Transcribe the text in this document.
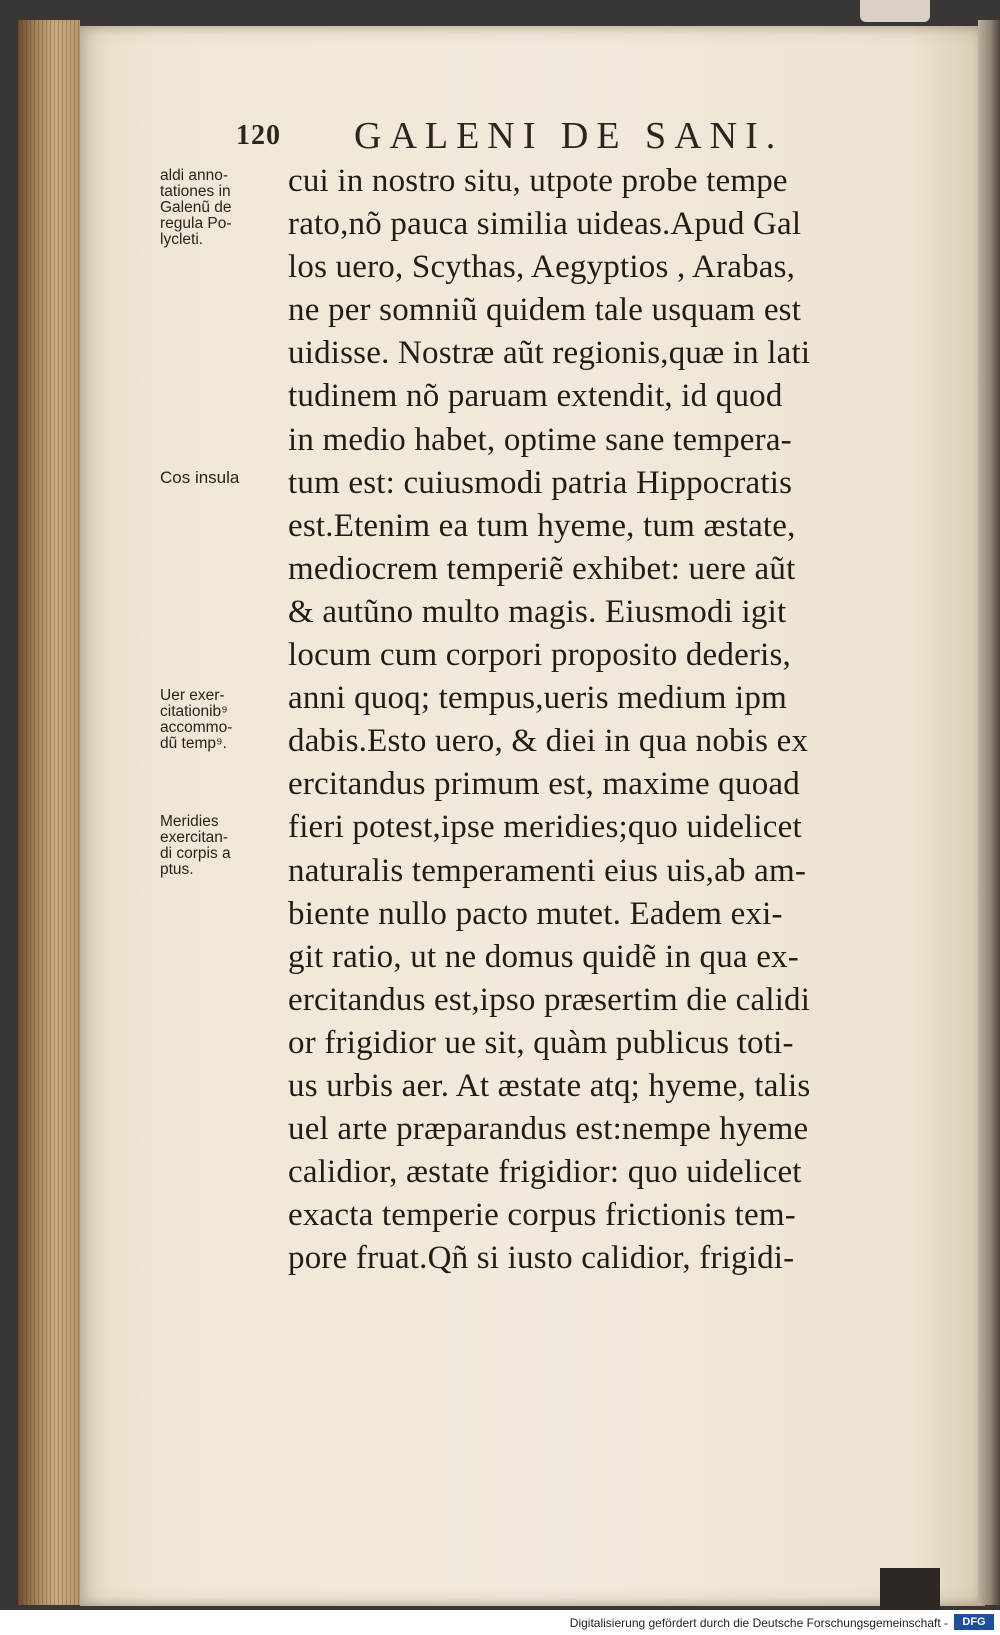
120 GALENI DE SANI.
aldi anno-
tationes in
Galenũ de
regula Po-
lycleti.
Cos insula
Uer exer-
citationib⁹
accommo-
dũ temp⁹.
Meridies
exercitan-
di corpis a
ptus.
cui in nostro situ, utpote probe tempe
rato,nõ pauca similia uideas.Apud Gal
los uero, Scythas, Aegyptios , Arabas,
ne per somniũ quidem tale usquam est
uidisse. Nostræ aũt regionis,quæ in lati
tudinem nõ paruam extendit, id quod
in medio habet, optime sane tempera-
tum est: cuiusmodi patria Hippocratis
est.Etenim ea tum hyeme, tum æstate,
mediocrem temperiẽ exhibet: uere aũt
& autũno multo magis. Eiusmodi igit
locum cum corpori proposito dederis,
anni quoq; tempus,ueris medium ipm
dabis.Esto uero, & diei in qua nobis ex
ercitandus primum est, maxime quoad
fieri potest,ipse meridies;quo uidelicet
naturalis temperamenti eius uis,ab am-
biente nullo pacto mutet. Eadem exi-
git ratio, ut ne domus quidẽ in qua ex-
ercitandus est,ipso præsertim die calidi
or frigidior ue sit, quàm publicus toti-
us urbis aer. At æstate atq; hyeme, talis
uel arte præparandus est:nempe hyeme
calidior, æstate frigidior: quo uidelicet
exacta temperie corpus frictionis tem-
pore fruat.Qñ si iusto calidior, frigidi-
Digitalisierung gefördert durch die Deutsche Forschungsgemeinschaft -	DFG
